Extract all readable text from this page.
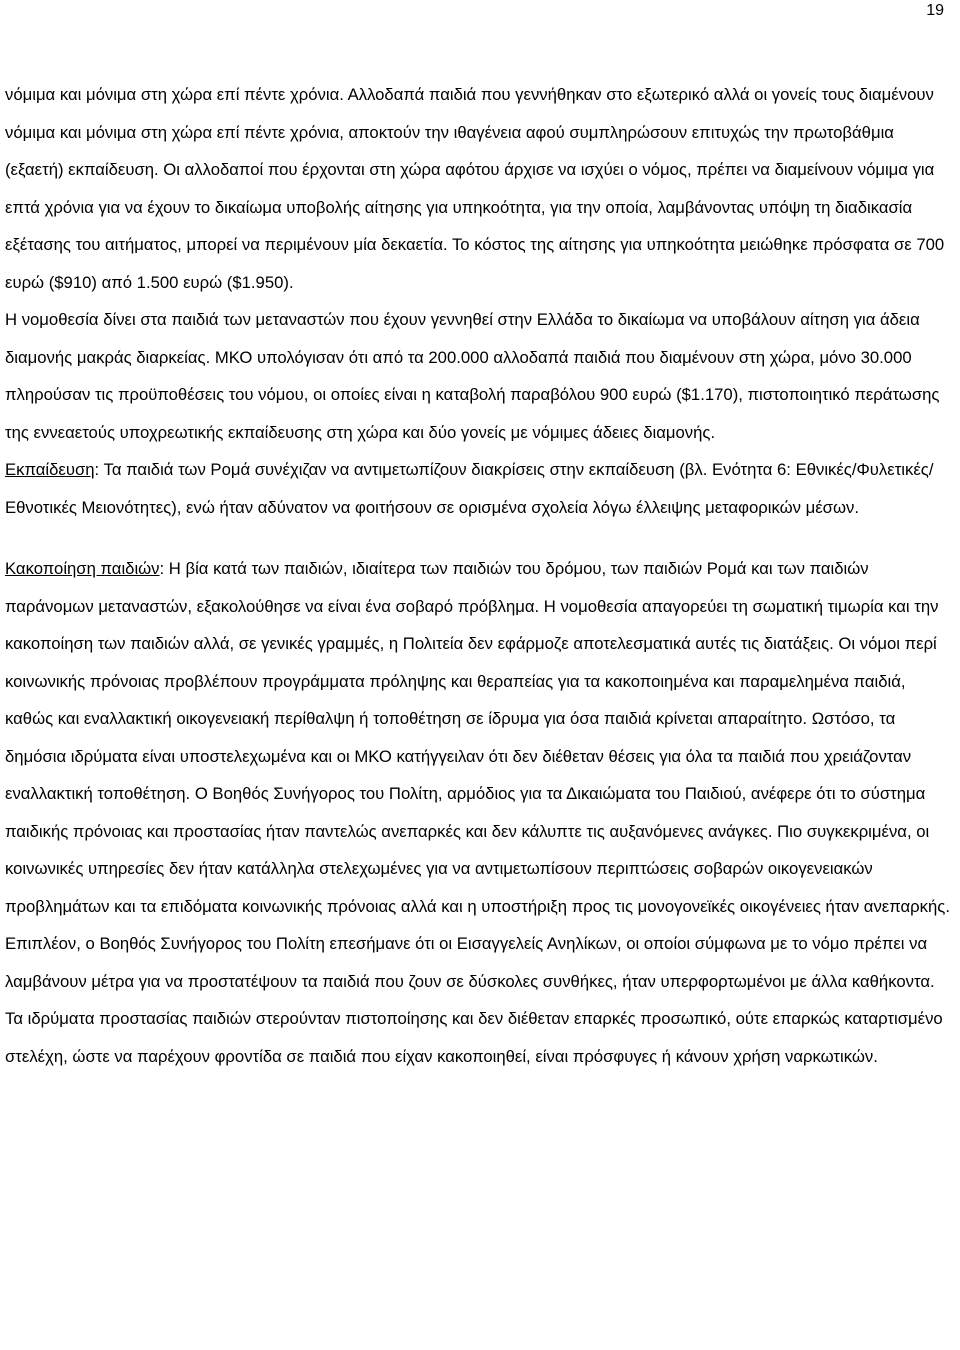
19

νόμιμα και μόνιμα στη χώρα επί πέντε χρόνια. Αλλοδαπά παιδιά που γεννήθηκαν στο εξωτερικό αλλά οι γονείς τους διαμένουν νόμιμα και μόνιμα στη χώρα επί πέντε χρόνια, αποκτούν την ιθαγένεια αφού συμπληρώσουν επιτυχώς την πρωτοβάθμια (εξαετή) εκπαίδευση. Οι αλλοδαποί που έρχονται στη χώρα αφότου άρχισε να ισχύει ο νόμος, πρέπει να διαμείνουν νόμιμα για επτά χρόνια για να έχουν το δικαίωμα υποβολής αίτησης για υπηκοότητα, για την οποία, λαμβάνοντας υπόψη τη διαδικασία εξέτασης του αιτήματος, μπορεί να περιμένουν μία δεκαετία. Το κόστος της αίτησης για υπηκοότητα μειώθηκε πρόσφατα σε 700 ευρώ ($910) από 1.500 ευρώ ($1.950).

Η νομοθεσία δίνει στα παιδιά των μεταναστών που έχουν γεννηθεί στην Ελλάδα το δικαίωμα να υποβάλουν αίτηση για άδεια διαμονής μακράς διαρκείας. ΜΚΟ υπολόγισαν ότι από τα 200.000 αλλοδαπά παιδιά που διαμένουν στη χώρα, μόνο 30.000 πληρούσαν τις προϋποθέσεις του νόμου, οι οποίες είναι η καταβολή παραβόλου 900 ευρώ ($1.170), πιστοποιητικό περάτωσης της εννεαετούς υποχρεωτικής εκπαίδευσης στη χώρα και δύο γονείς με νόμιμες άδειες διαμονής.

Εκπαίδευση: Τα παιδιά των Ρομά συνέχιζαν να αντιμετωπίζουν διακρίσεις στην εκπαίδευση (βλ. Ενότητα 6: Εθνικές/Φυλετικές/Εθνοτικές Μειονότητες), ενώ ήταν αδύνατον να φοιτήσουν σε ορισμένα σχολεία λόγω έλλειψης μεταφορικών μέσων.

Κακοποίηση παιδιών: Η βία κατά των παιδιών, ιδιαίτερα των παιδιών του δρόμου, των παιδιών Ρομά και των παιδιών παράνομων μεταναστών, εξακολούθησε να είναι ένα σοβαρό πρόβλημα. Η νομοθεσία απαγορεύει τη σωματική τιμωρία και την κακοποίηση των παιδιών αλλά, σε γενικές γραμμές, η Πολιτεία δεν εφάρμοζε αποτελεσματικά αυτές τις διατάξεις. Οι νόμοι περί κοινωνικής πρόνοιας προβλέπουν προγράμματα πρόληψης και θεραπείας για τα κακοποιημένα και παραμελημένα παιδιά, καθώς και εναλλακτική οικογενειακή περίθαλψη ή τοποθέτηση σε ίδρυμα για όσα παιδιά κρίνεται απαραίτητο. Ωστόσο, τα δημόσια ιδρύματα είναι υποστελεχωμένα και οι ΜΚΟ κατήγγειλαν ότι δεν διέθεταν θέσεις για όλα τα παιδιά που χρειάζονταν εναλλακτική τοποθέτηση. Ο Βοηθός Συνήγορος του Πολίτη, αρμόδιος για τα Δικαιώματα του Παιδιού, ανέφερε ότι το σύστημα παιδικής πρόνοιας και προστασίας ήταν παντελώς ανεπαρκές και δεν κάλυπτε τις αυξανόμενες ανάγκες. Πιο συγκεκριμένα, οι κοινωνικές υπηρεσίες δεν ήταν κατάλληλα στελεχωμένες για να αντιμετωπίσουν περιπτώσεις σοβαρών οικογενειακών προβλημάτων και τα επιδόματα κοινωνικής πρόνοιας αλλά και η υποστήριξη προς τις μονογονεϊκές οικογένειες ήταν ανεπαρκής. Επιπλέον, ο Βοηθός Συνήγορος του Πολίτη επεσήμανε ότι οι Εισαγγελείς Ανηλίκων, οι οποίοι σύμφωνα με το νόμο πρέπει να λαμβάνουν μέτρα για να προστατέψουν τα παιδιά που ζουν σε δύσκολες συνθήκες, ήταν υπερφορτωμένοι με άλλα καθήκοντα. Τα ιδρύματα προστασίας παιδιών στερούνταν πιστοποίησης και δεν διέθεταν επαρκές προσωπικό, ούτε επαρκώς καταρτισμένο στελέχη, ώστε να παρέχουν φροντίδα σε παιδιά που είχαν κακοποιηθεί, είναι πρόσφυγες ή κάνουν χρήση ναρκωτικών.
